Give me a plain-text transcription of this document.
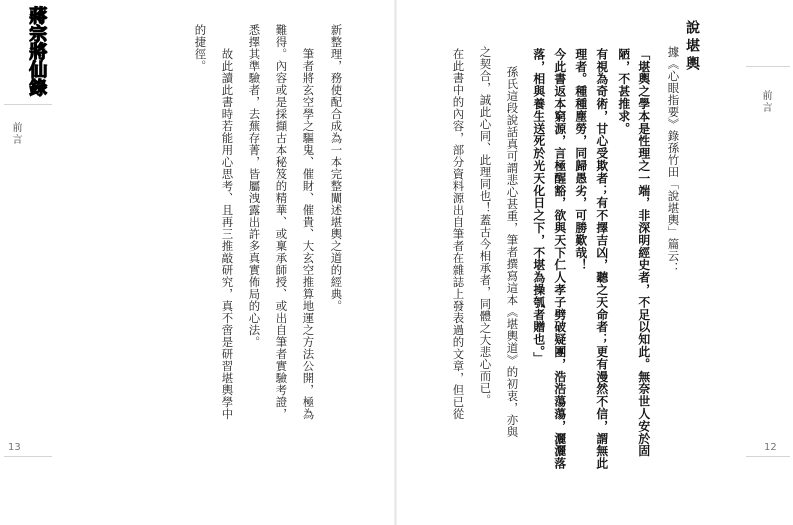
蔣宗將仙錄
前言	新整理，務使配合成為一本完整闡述堪輿之道的經典。
筆者將玄空學之驅鬼、催財、催貴、大玄空推算地運之方法公開，極為
難得。內容或是採擷古本秘笈的精華、或稟承師授、或出自筆者實驗考證，
悉擇其準驗者，去蕪存菁，皆屬洩露出許多真實佈局的心法。
故此讀此書時若能用心思考、且再三推敲研究，真不啻是研習堪輿學中
的捷徑。
13
說堪輿
據《心眼指要》錄孫竹田「說堪輿」篇云：
「堪輿之學本是性理之一端，非深明經史者，不足以知此。無奈世人安於固
陋，不甚推求。
有視為奇術，甘心受欺者；有不擇吉凶，聽之天命者；更有漫然不信，謂無此
理者。種種塵勞，同歸愚劣，可勝歎哉！
今此書返本窮源，言極醒豁，欲與天下仁人孝子劈破疑團，浩浩蕩蕩，灑灑落
落，相與養生送死於光天化日之下，不堪為操瓠者贈也。」
孫氏這段說話真可謂悲心甚重，筆者撰寫這本《堪輿道》的初衷，亦與
之契合，誠此心同、此理同也！蓋古今相承者，同體之大悲心而已。
在此書中的內容，部分資料源出自筆者在雜誌上發表過的文章，但已從	前言
12
